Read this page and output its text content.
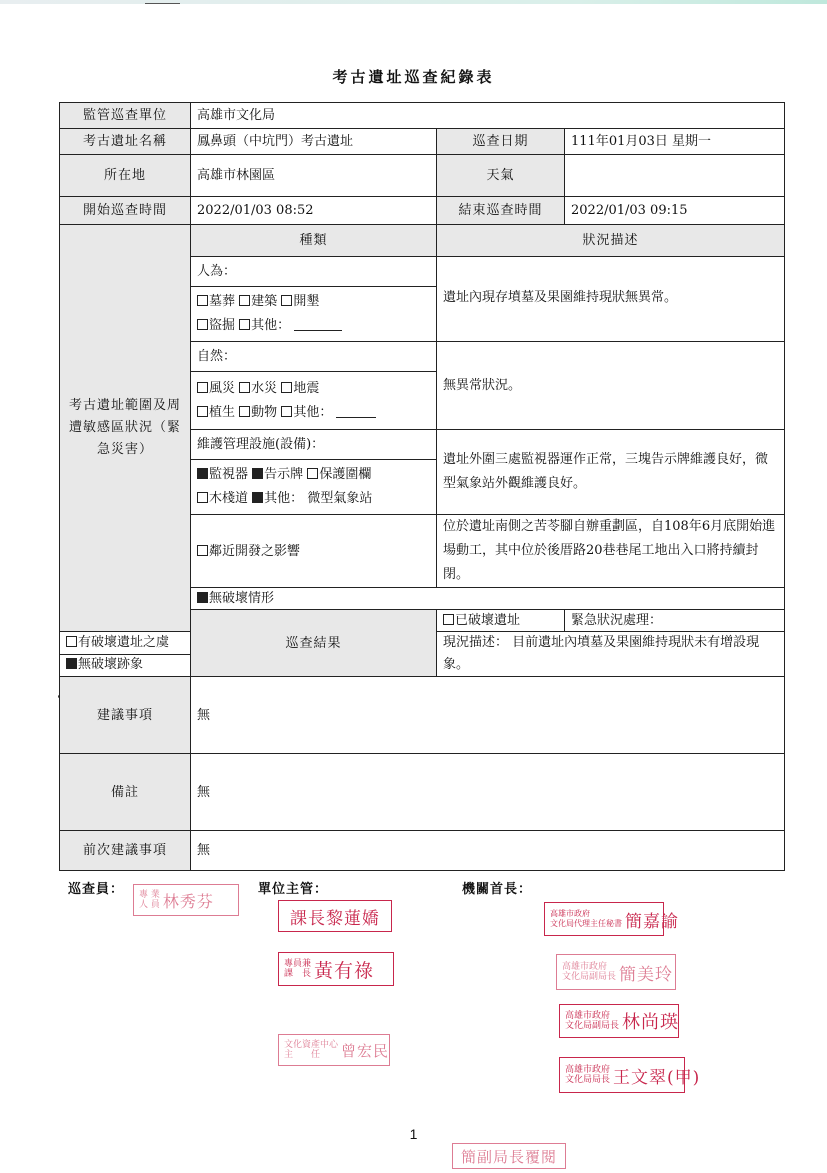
考古遺址巡查紀錄表
監管巡查單位	高雄市文化局		
考古遺址名稱	鳳鼻頭（中坑門）考古遺址	巡查日期	111年01月03日 星期一
所在地	高雄市林園區	天氣	
開始巡查時間	2022/01/03 08:52	結束巡查時間	2022/01/03 09:15
考古遺址範圍及周遭敏感區狀況（緊急災害）	種類	狀況描述	
	人為：	遺址內現存墳墓及果園維持現狀無異常。	
	墓葬 建築 開墾
盜掘 其他：		
	自然：	無異常狀況。	
	風災 水災 地震
植生 動物 其他：		
	維護管理設施(設備)：	遺址外圍三處監視器運作正常，三塊告示牌維護良好，微型氣象站外觀維護良好。	
	監視器 告示牌 保護圍欄
木棧道 其他： 微型氣象站		
	鄰近開發之影響	位於遺址南側之苦苓腳自辦重劃區，自108年6月底開始進場動工，其中位於後厝路20巷巷尾工地出入口將持續封閉。	
	無破壞情形		
	巡查結果	已破壞遺址	緊急狀況處理：
有破壞遺址之虞		現況描述： 目前遺址內墳墓及果園維持現狀未有增設現象。	
無破壞跡象			
建議事項	無		
備註	無		
前次建議事項	無		
巡查員：	單位主管：	機關首長：
專 業
人 員 林秀芬
課長黎蓮嬌
專員兼
課　長 黃有祿
文化資產中心
主　　任	曾宏民
高雄市政府
文化局代理主任秘書 簡嘉諭
高雄市政府
文化局副局長 簡美玲
高雄市政府
文化局副局長 林尚瑛
高雄市政府
文化局局長 王文翠(甲)
1
簡副局長覆閱
